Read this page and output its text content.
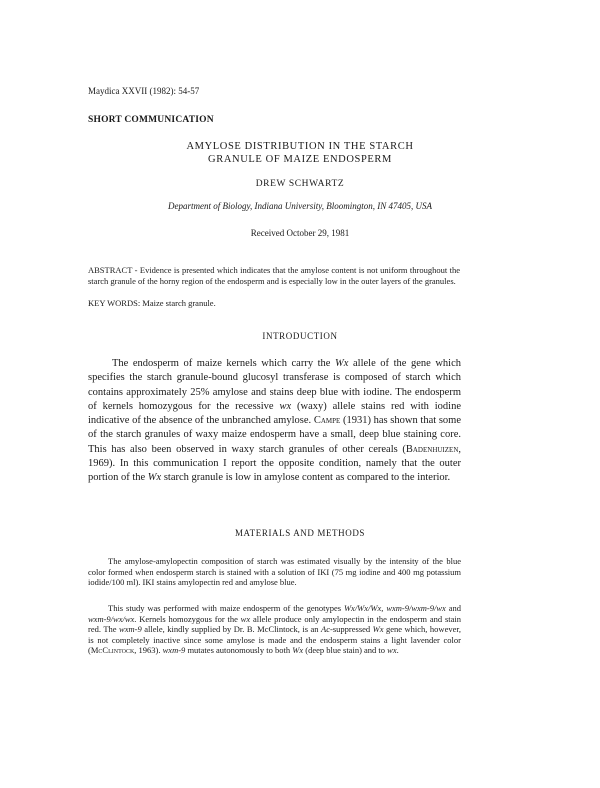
Maydica XXVII (1982): 54-57
SHORT COMMUNICATION
AMYLOSE DISTRIBUTION IN THE STARCH
GRANULE OF MAIZE ENDOSPERM
DREW SCHWARTZ
Department of Biology, Indiana University, Bloomington, IN 47405, USA
Received October 29, 1981
ABSTRACT - Evidence is presented which indicates that the amylose content is not uniform throughout the starch granule of the horny region of the endosperm and is especially low in the outer layers of the granules.
KEY WORDS: Maize starch granule.
INTRODUCTION
The endosperm of maize kernels which carry the Wx allele of the gene which specifies the starch granule-bound glucosyl transferase is composed of starch which contains approximately 25% amylose and stains deep blue with iodine. The endosperm of kernels homozygous for the recessive wx (waxy) allele stains red with iodine indicative of the absence of the unbranched amylose. Campe (1931) has shown that some of the starch granules of waxy maize endosperm have a small, deep blue staining core. This has also been observed in waxy starch granules of other cereals (Badenhuizen, 1969). In this communication I report the opposite condition, namely that the outer portion of the Wx starch granule is low in amylose content as compared to the interior.
MATERIALS AND METHODS
The amylose-amylopectin composition of starch was estimated visually by the intensity of the blue color formed when endosperm starch is stained with a solution of IKI (75 mg iodine and 400 mg potassium iodide/100 ml). IKI stains amylopectin red and amylose blue.
This study was performed with maize endosperm of the genotypes Wx/Wx/Wx, wxm-9/wxm-9/wx and wxm-9/wx/wx. Kernels homozygous for the wx allele produce only amylopectin in the endosperm and stain red. The wxm-9 allele, kindly supplied by Dr. B. McClintock, is an Ac-suppressed Wx gene which, however, is not completely inactive since some amylose is made and the endosperm stains a light lavender color (McClintock, 1963). wxm-9 mutates autonomously to both Wx (deep blue stain) and to wx.
